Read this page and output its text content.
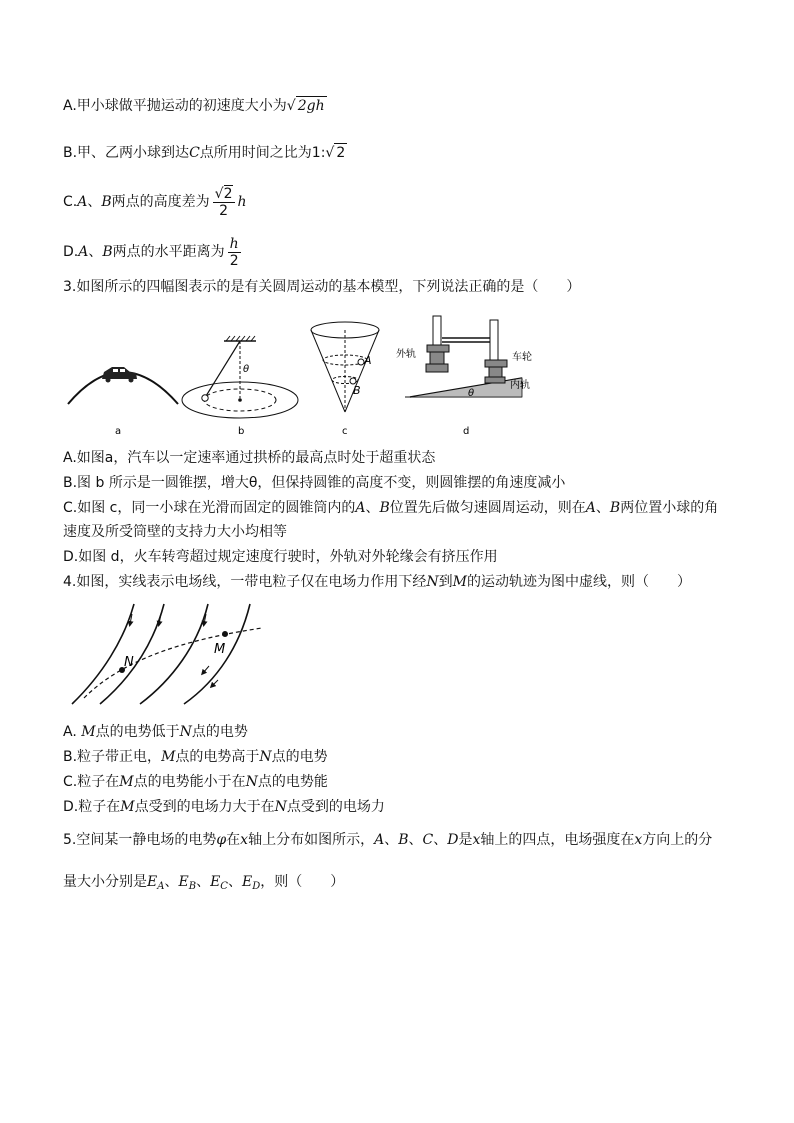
A.甲小球做平抛运动的初速度大小为√ 2gh
B.甲、乙两小球到达C点所用时间之比为1:√ 2
C.A、B两点的高度差为 $\frac{√2}{2}$ h
D.A、B两点的水平距离为 $\frac{h}{2}$
3.如图所示的四幅图表示的是有关圆周运动的基本模型，下列说法正确的是（　　）
a
θ
b
A
B
c
外轨	车轮
内轨
θ
d
A.如图a，汽车以一定速率通过拱桥的最高点时处于超重状态
B.图 b 所示是一圆锥摆，增大θ，但保持圆锥的高度不变，则圆锥摆的角速度减小
C.如图 c，同一小球在光滑而固定的圆锥筒内的A、B位置先后做匀速圆周运动，则在A、B两位置小球的角
速度及所受筒壁的支持力大小均相等
D.如图 d，火车转弯超过规定速度行驶时，外轨对外轮缘会有挤压作用
4.如图，实线表示电场线，一带电粒子仅在电场力作用下经N到M的运动轨迹为图中虚线，则（　　）
N
M
A. M点的电势低于N点的电势
B.粒子带正电，M点的电势高于N点的电势
C.粒子在M点的电势能小于在N点的电势能
D.粒子在M点受到的电场力大于在N点受到的电场力
5.空间某一静电场的电势φ在x轴上分布如图所示，A、B、C、D是x轴上的四点，电场强度在x方向上的分
量大小分别是$E_A$、$E_B$、$E_C$、$E_D$，则（　　）
